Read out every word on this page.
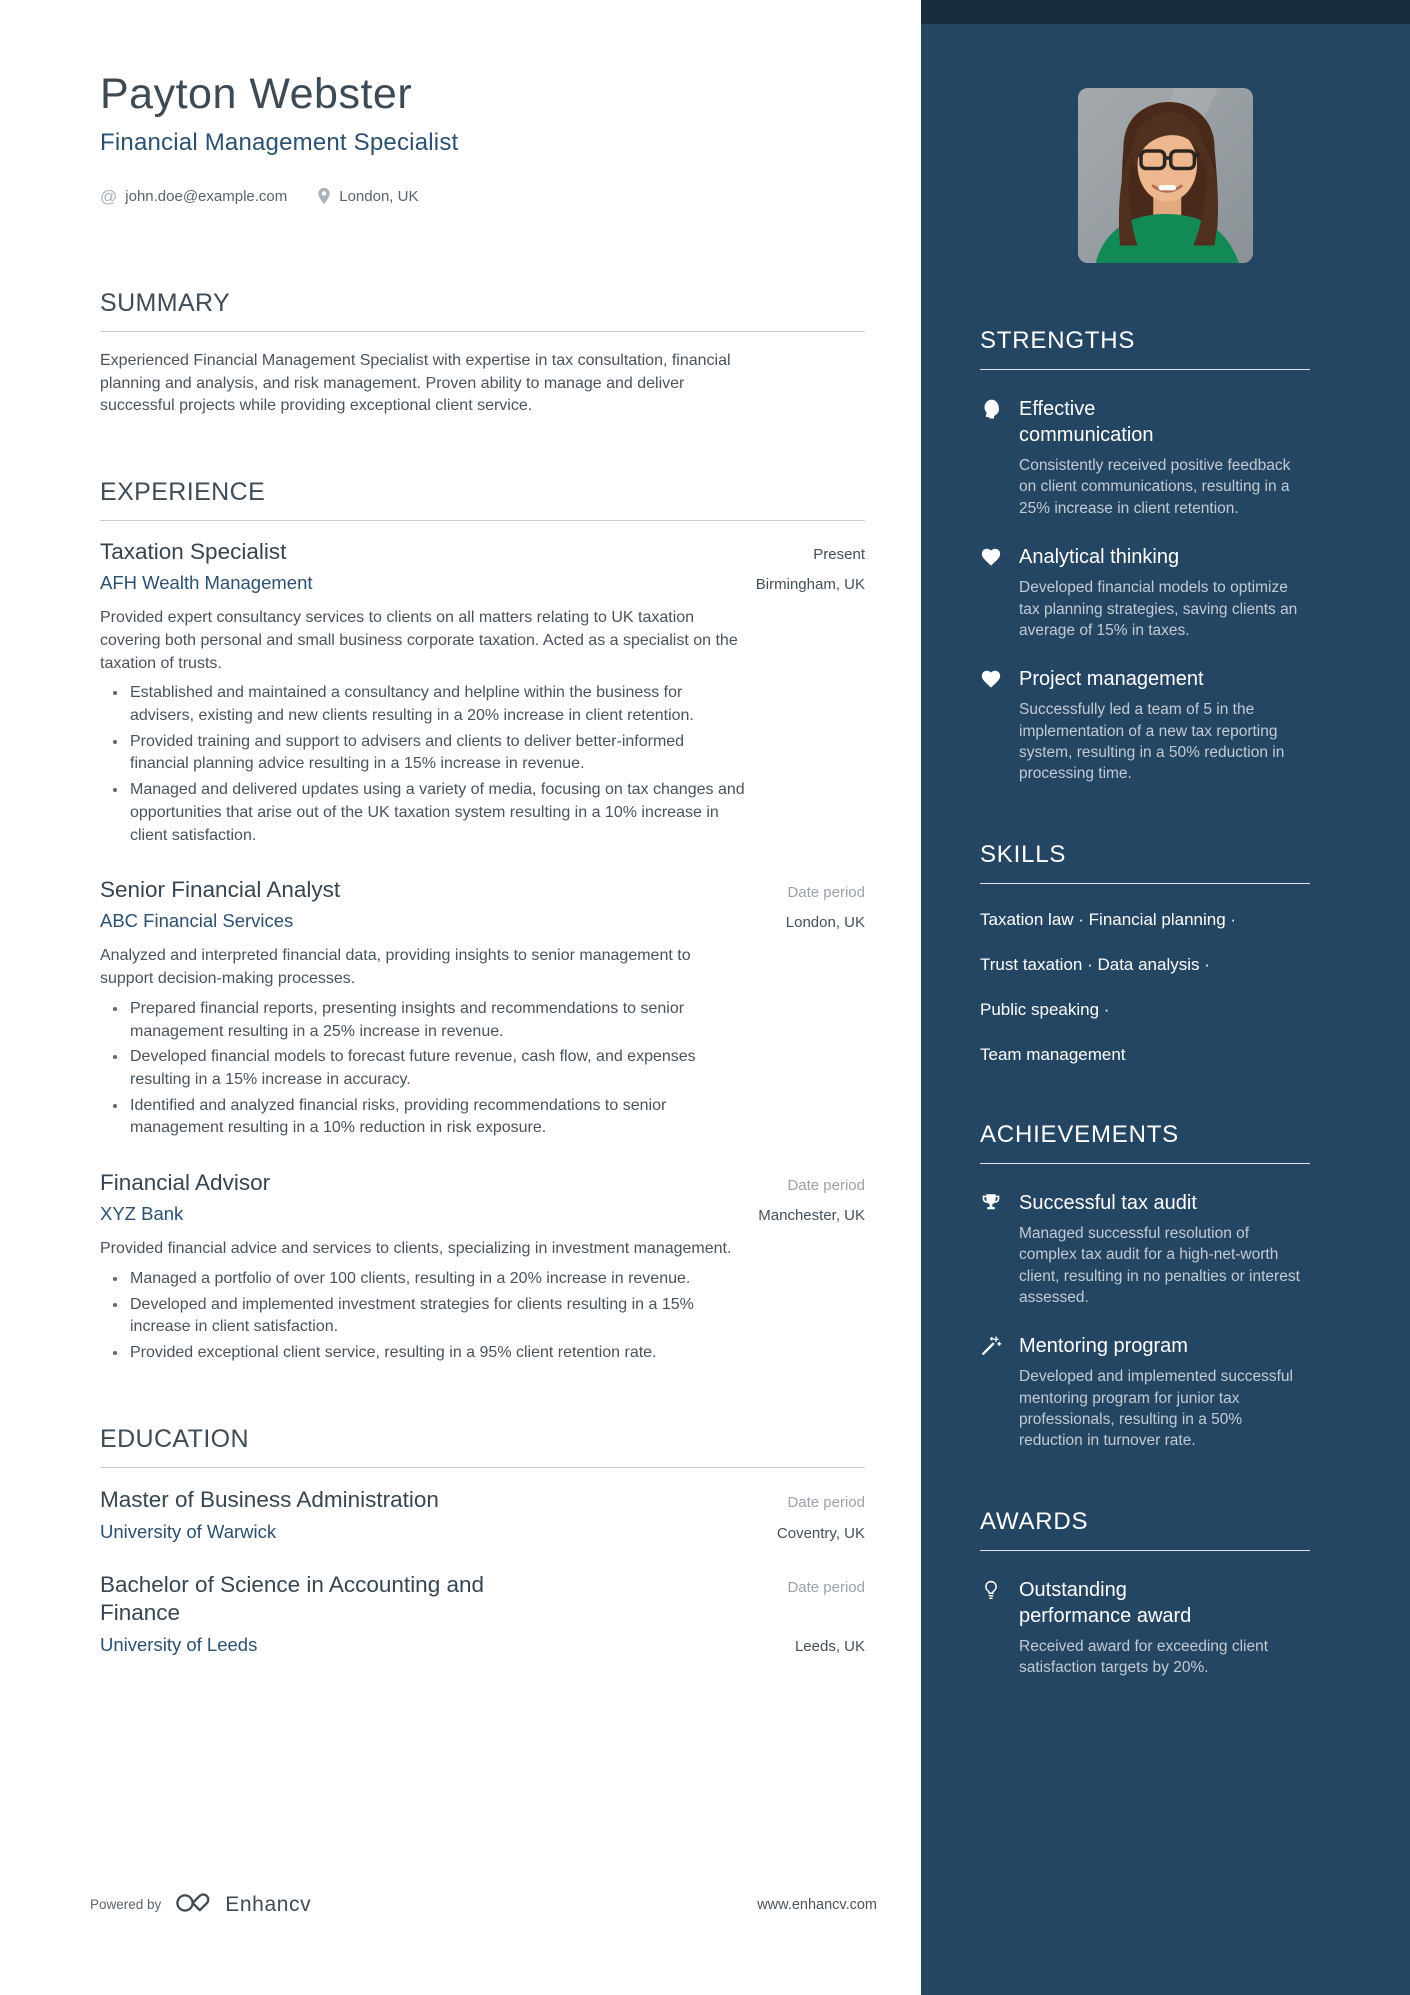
Payton Webster
Financial Management Specialist
@ john.doe@example.com	London, UK
SUMMARY

Experienced Financial Management Specialist with expertise in tax consultation, financial planning and analysis, and risk management. Proven ability to manage and deliver successful projects while providing exceptional client service.

EXPERIENCE
Taxation Specialist	Present
AFH Wealth Management	Birmingham, UK

Provided expert consultancy services to clients on all matters relating to UK taxation covering both personal and small business corporate taxation. Acted as a specialist on the taxation of trusts.

• Established and maintained a consultancy and helpline within the business for advisers, existing and new clients resulting in a 20% increase in client retention.
• Provided training and support to advisers and clients to deliver better-informed financial planning advice resulting in a 15% increase in revenue.
• Managed and delivered updates using a variety of media, focusing on tax changes and opportunities that arise out of the UK taxation system resulting in a 10% increase in client satisfaction.
Senior Financial Analyst	Date period
ABC Financial Services	London, UK

Analyzed and interpreted financial data, providing insights to senior management to support decision-making processes.

• Prepared financial reports, presenting insights and recommendations to senior management resulting in a 25% increase in revenue.
• Developed financial models to forecast future revenue, cash flow, and expenses resulting in a 15% increase in accuracy.
• Identified and analyzed financial risks, providing recommendations to senior management resulting in a 10% reduction in risk exposure.
Financial Advisor	Date period
XYZ Bank	Manchester, UK

Provided financial advice and services to clients, specializing in investment management.

• Managed a portfolio of over 100 clients, resulting in a 20% increase in revenue.
• Developed and implemented investment strategies for clients resulting in a 15% increase in client satisfaction.
• Provided exceptional client service, resulting in a 95% client retention rate.
EDUCATION
Master of Business Administration	Date period
University of Warwick	Coventry, UK
Bachelor of Science in Accounting and Finance
Date period
University of Leeds	Leeds, UK
Powered by	Enhancv	www.enhancv.com
STRENGTHS
Effective communication

Consistently received positive feedback on client communications, resulting in a 25% increase in client retention.

Analytical thinking

Developed financial models to optimize tax planning strategies, saving clients an average of 15% in taxes.

Project management

Successfully led a team of 5 in the implementation of a new tax reporting system, resulting in a 50% reduction in processing time.

SKILLS

Taxation law · Financial planning ·

Trust taxation · Data analysis ·

Public speaking ·

Team management

ACHIEVEMENTS
Successful tax audit

Managed successful resolution of complex tax audit for a high-net-worth client, resulting in no penalties or interest assessed.

Mentoring program

Developed and implemented successful mentoring program for junior tax professionals, resulting in a 50% reduction in turnover rate.

AWARDS
Outstanding performance award

Received award for exceeding client satisfaction targets by 20%.
